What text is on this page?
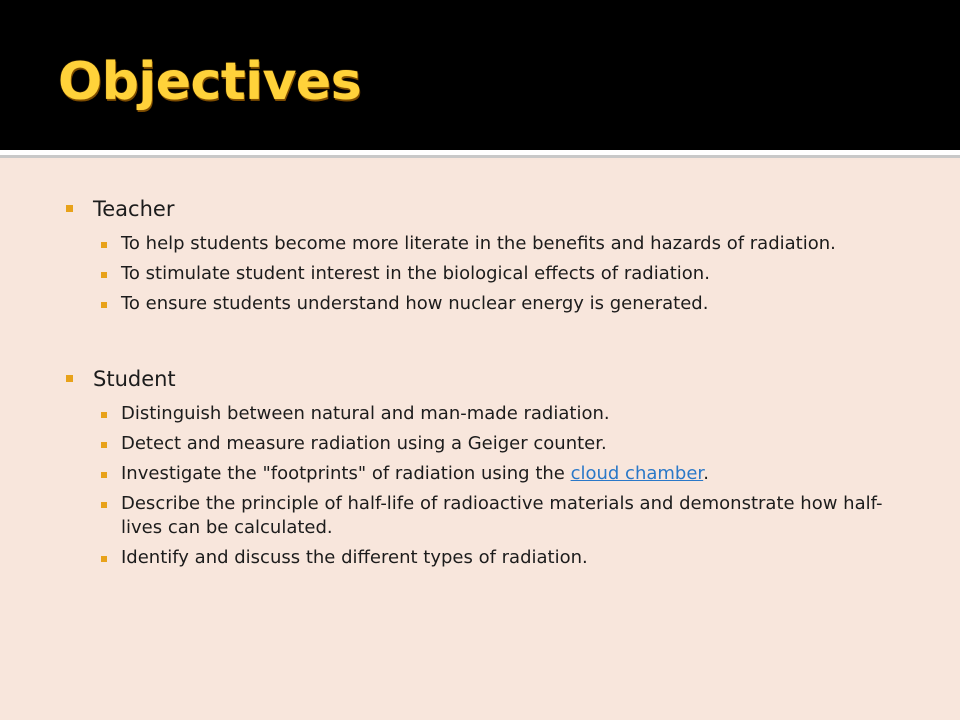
Objectives
Teacher
To help students become more literate in the benefits and hazards of radiation.
To stimulate student interest in the biological effects of radiation.
To ensure students understand how nuclear energy is generated.
Student
Distinguish between natural and man-made radiation.
Detect and measure radiation using a Geiger counter.
Investigate the "footprints" of radiation using the cloud chamber.
Describe the principle of half-life of radioactive materials and demonstrate how half-lives can be calculated.
Identify and discuss the different types of radiation.
